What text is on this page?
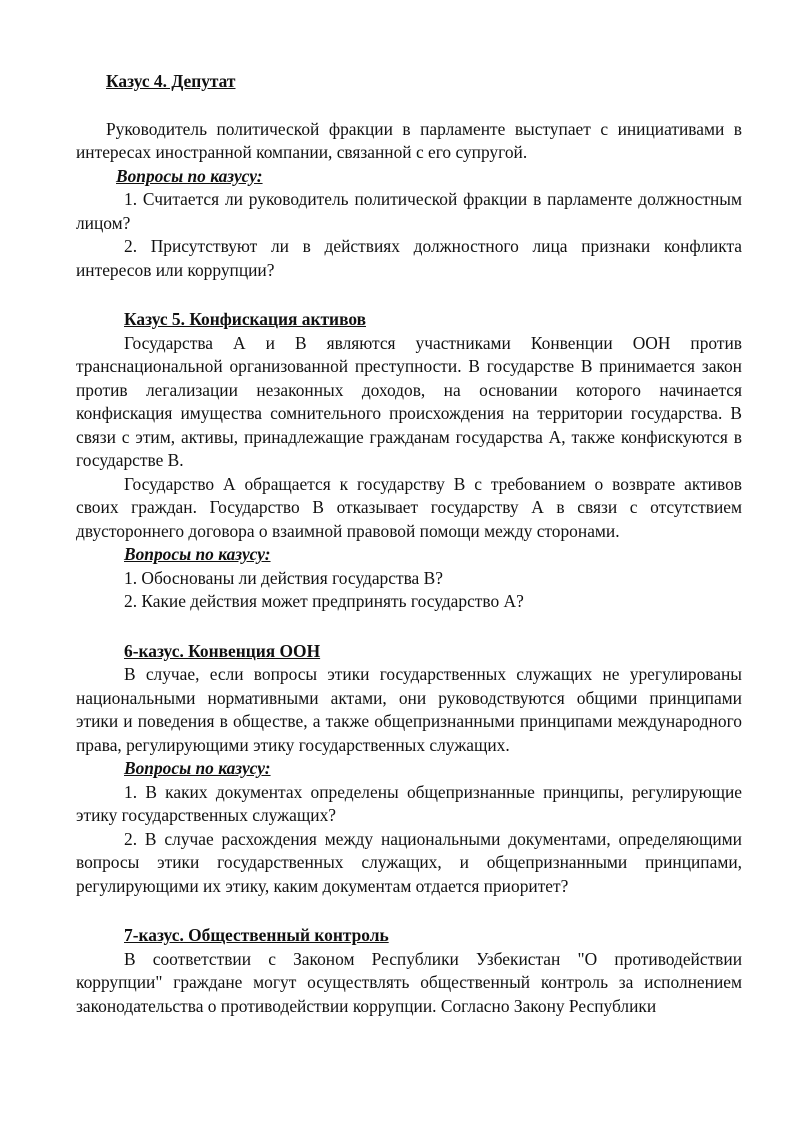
Казус 4. Депутат

Руководитель политической фракции в парламенте выступает с инициативами в интересах иностранной компании, связанной с его супругой.

Вопросы по казусу:

1. Считается ли руководитель политической фракции в парламенте должностным лицом?

2. Присутствуют ли в действиях должностного лица признаки конфликта интересов или коррупции?

Казус 5. Конфискация активов

Государства А и В являются участниками Конвенции ООН против транснациональной организованной преступности. В государстве В принимается закон против легализации незаконных доходов, на основании которого начинается конфискация имущества сомнительного происхождения на территории государства. В связи с этим, активы, принадлежащие гражданам государства А, также конфискуются в государстве В.

Государство А обращается к государству В с требованием о возврате активов своих граждан. Государство В отказывает государству А в связи с отсутствием двустороннего договора о взаимной правовой помощи между сторонами.

Вопросы по казусу:

1. Обоснованы ли действия государства В?

2. Какие действия может предпринять государство А?

6-казус. Конвенция ООН

В случае, если вопросы этики государственных служащих не урегулированы национальными нормативными актами, они руководствуются общими принципами этики и поведения в обществе, а также общепризнанными принципами международного права, регулирующими этику государственных служащих.

Вопросы по казусу:

1. В каких документах определены общепризнанные принципы, регулирующие этику государственных служащих?

2. В случае расхождения между национальными документами, определяющими вопросы этики государственных служащих, и общепризнанными принципами, регулирующими их этику, каким документам отдается приоритет?

7-казус. Общественный контроль

В соответствии с Законом Республики Узбекистан "О противодействии коррупции" граждане могут осуществлять общественный контроль за исполнением законодательства о противодействии коррупции. Согласно Закону Республики
